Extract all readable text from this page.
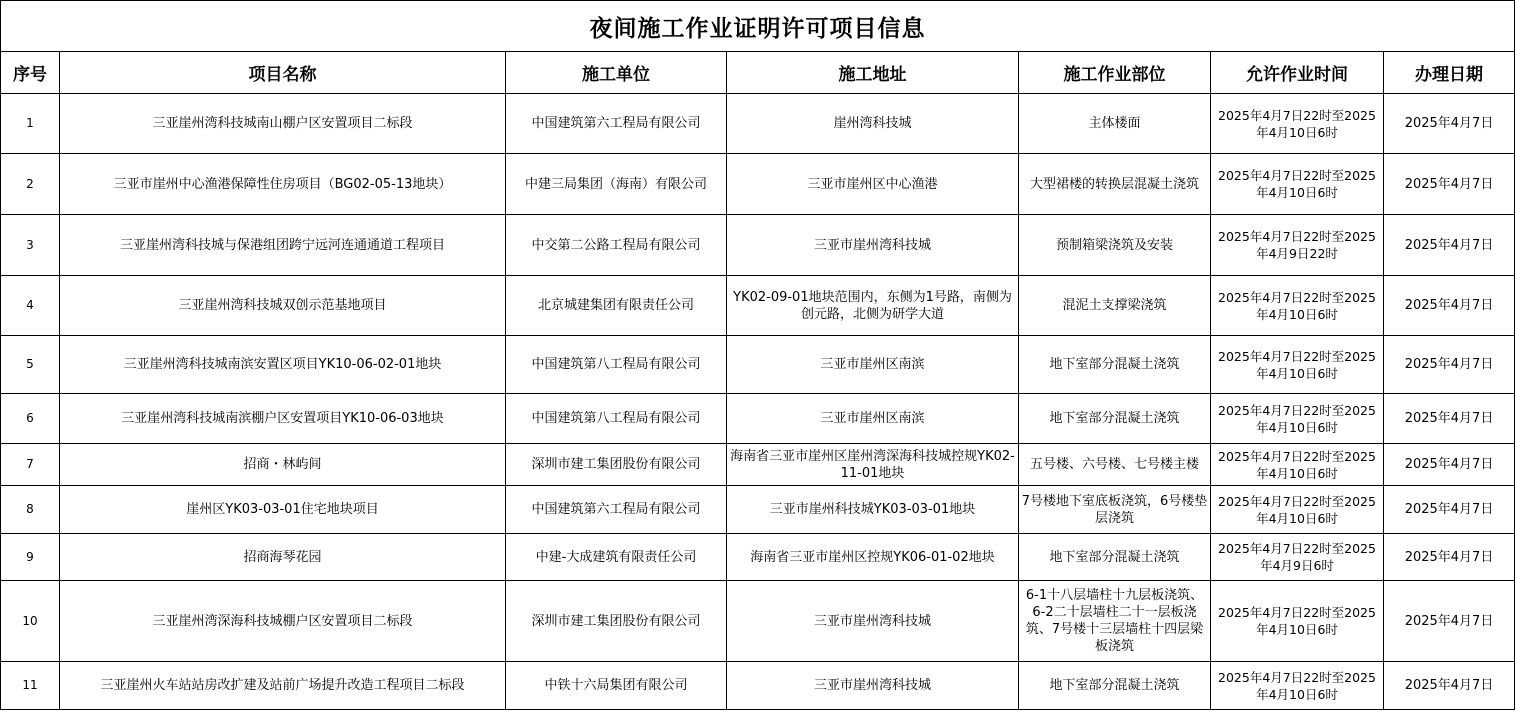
夜间施工作业证明许可项目信息						

序号	项目名称	施工单位	施工地址	施工作业部位	允许作业时间	办理日期
1	三亚崖州湾科技城南山棚户区安置项目二标段	中国建筑第六工程局有限公司	崖州湾科技城	主体楼面	2025年4月7日22时至2025年4月10日6时	2025年4月7日
2	三亚市崖州中心渔港保障性住房项目（BG02-05-13地块）	中建三局集团（海南）有限公司	三亚市崖州区中心渔港	大型裙楼的转换层混凝土浇筑	2025年4月7日22时至2025年4月10日6时	2025年4月7日
3	三亚崖州湾科技城与保港组团跨宁远河连通通道工程项目	中交第二公路工程局有限公司	三亚市崖州湾科技城	预制箱梁浇筑及安装	2025年4月7日22时至2025年4月9日22时	2025年4月7日
4	三亚崖州湾科技城双创示范基地项目	北京城建集团有限责任公司	YK02-09-01地块范围内，东侧为1号路，南侧为创元路，北侧为研学大道	混泥土支撑梁浇筑	2025年4月7日22时至2025年4月10日6时	2025年4月7日
5	三亚崖州湾科技城南滨安置区项目YK10-06-02-01地块	中国建筑第八工程局有限公司	三亚市崖州区南滨	地下室部分混凝土浇筑	2025年4月7日22时至2025年4月10日6时	2025年4月7日
6	三亚崖州湾科技城南滨棚户区安置项目YK10-06-03地块	中国建筑第八工程局有限公司	三亚市崖州区南滨	地下室部分混凝土浇筑	2025年4月7日22时至2025年4月10日6时	2025年4月7日
7	招商・林屿间	深圳市建工集团股份有限公司	海南省三亚市崖州区崖州湾深海科技城控规YK02-11-01地块	五号楼、六号楼、七号楼主楼	2025年4月7日22时至2025年4月10日6时	2025年4月7日
8	崖州区YK03-03-01住宅地块项目	中国建筑第六工程局有限公司	三亚市崖州科技城YK03-03-01地块	7号楼地下室底板浇筑，6号楼垫层浇筑	2025年4月7日22时至2025年4月10日6时	2025年4月7日
9	招商海琴花园	中建-大成建筑有限责任公司	海南省三亚市崖州区控规YK06-01-02地块	地下室部分混凝土浇筑	2025年4月7日22时至2025年4月9日6时	2025年4月7日
10	三亚崖州湾深海科技城棚户区安置项目二标段	深圳市建工集团股份有限公司	三亚市崖州湾科技城	6-1十八层墙柱十九层板浇筑、6-2二十层墙柱二十一层板浇筑、7号楼十三层墙柱十四层梁板浇筑	2025年4月7日22时至2025年4月10日6时	2025年4月7日
11	三亚崖州火车站站房改扩建及站前广场提升改造工程项目二标段	中铁十六局集团有限公司	三亚市崖州湾科技城	地下室部分混凝土浇筑	2025年4月7日22时至2025年4月10日6时	2025年4月7日
